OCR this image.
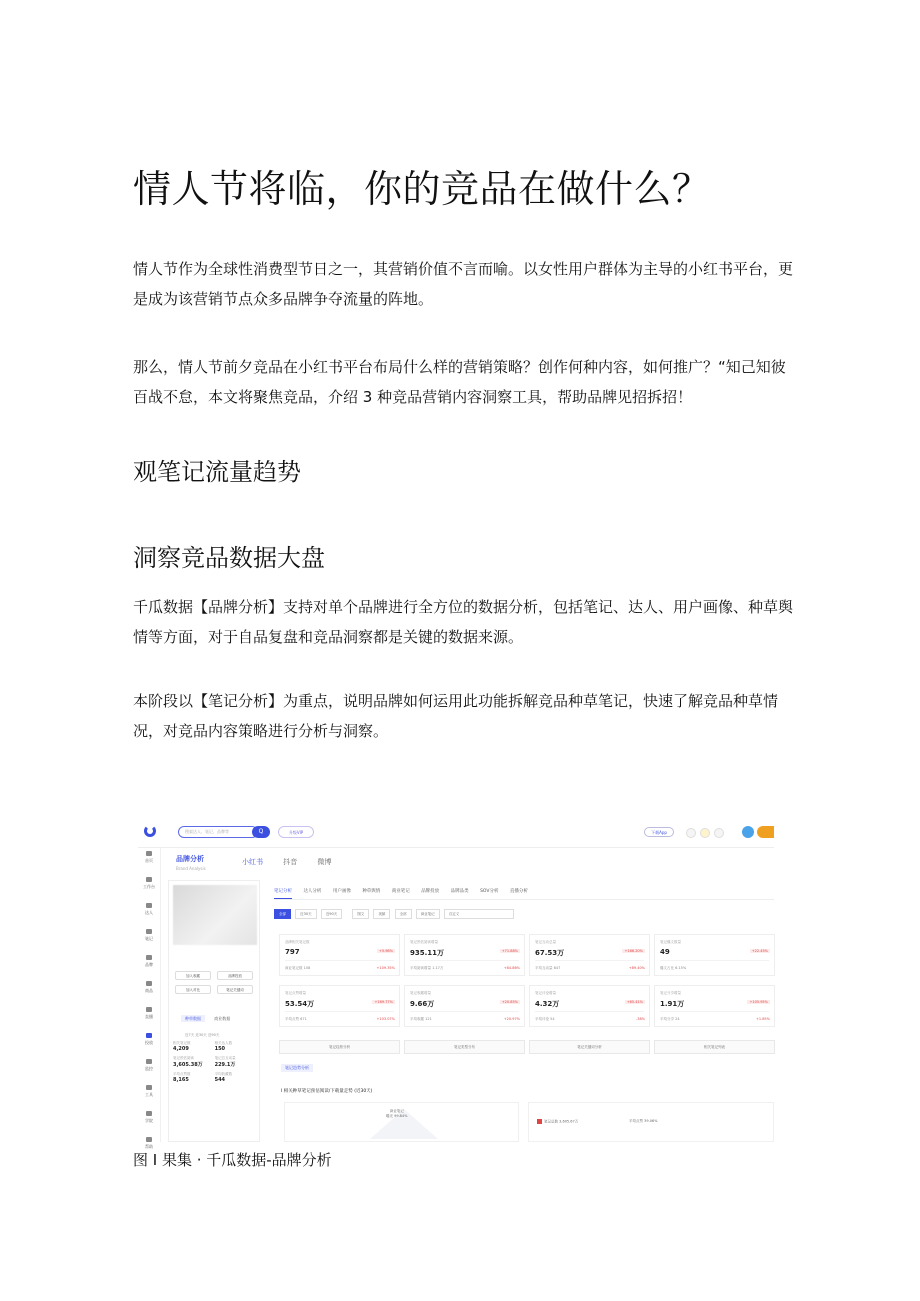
情人节将临，你的竞品在做什么？

情人节作为全球性消费型节日之一，其营销价值不言而喻。以女性用户群体为主导的小红书平台，更是成为该营销节点众多品牌争夺流量的阵地。

那么，情人节前夕竞品在小红书平台布局什么样的营销策略？创作何种内容，如何推广？“知己知彼百战不怠，本文将聚焦竞品，介绍 3 种竞品营销内容洞察工具，帮助品牌见招拆招！

观笔记流量趋势
洞察竞品数据大盘

千瓜数据【品牌分析】支持对单个品牌进行全方位的数据分析，包括笔记、达人、用户画像、种草舆情等方面，对于自品复盘和竞品洞察都是关键的数据来源。

本阶段以【笔记分析】为重点，说明品牌如何运用此功能拆解竞品种草笔记，快速了解竞品种草情况，对竞品内容策略进行分析与洞察。

搜索达人、笔记、品牌等	Q	升级VIP	下载App
首页
工作台
达人
笔记
品牌
商品
直播
投放
监控
工具
学院
帮助
品牌分析
Brand Analysis
小红书	抖音	微博
加入收藏	品牌投放
加入对比	笔记关键词
种草数据	商业数据
近7天 近30天 近90天
相关笔记数
4,209

相关达人数
150

笔记预估阅读
3,605.38万

笔记总互动量
229.1万

平均点赞数
8,165

平均收藏数
544
笔记分析	达人分析	用户画像	种草舆情	商业笔记	品牌投放	品牌品类	SOV分析	直播分析
全部	近30天	近90天	图文	视频	全部	商业笔记	自定义
品牌相关笔记数
797	+5.98%
商业笔记数 108	+109.35%
笔记预估阅读增量
935.11万	+71.88%
平均阅读增量 1.17万	+84.86%
笔记互动总量
67.53万	+166.20%
平均互动量 847	+89.40%
笔记爆文数量
49	+22.45%
爆文占比 6.15%
笔记点赞增量
53.54万	+169.77%
平均点赞 671	+103.07%
笔记收藏增量
9.66万	+20.85%
平均收藏 121	+20.97%
笔记评论增量
4.32万	+65.41%
平均评论 54	-38%
笔记分享增量
1.91万	+105.95%
平均分享 24	+1.85%
笔记趋势分析	笔记类型分布	笔记关键词分析	相关笔记列表
笔记趋势分析
I 相关种草笔记预估阅读/下载量走势 (近30天)
商业笔记
曝光 99.84%
笔记总数 3,605.67万	平均点赞 39.06%

图 I 果集 · 千瓜数据-品牌分析
